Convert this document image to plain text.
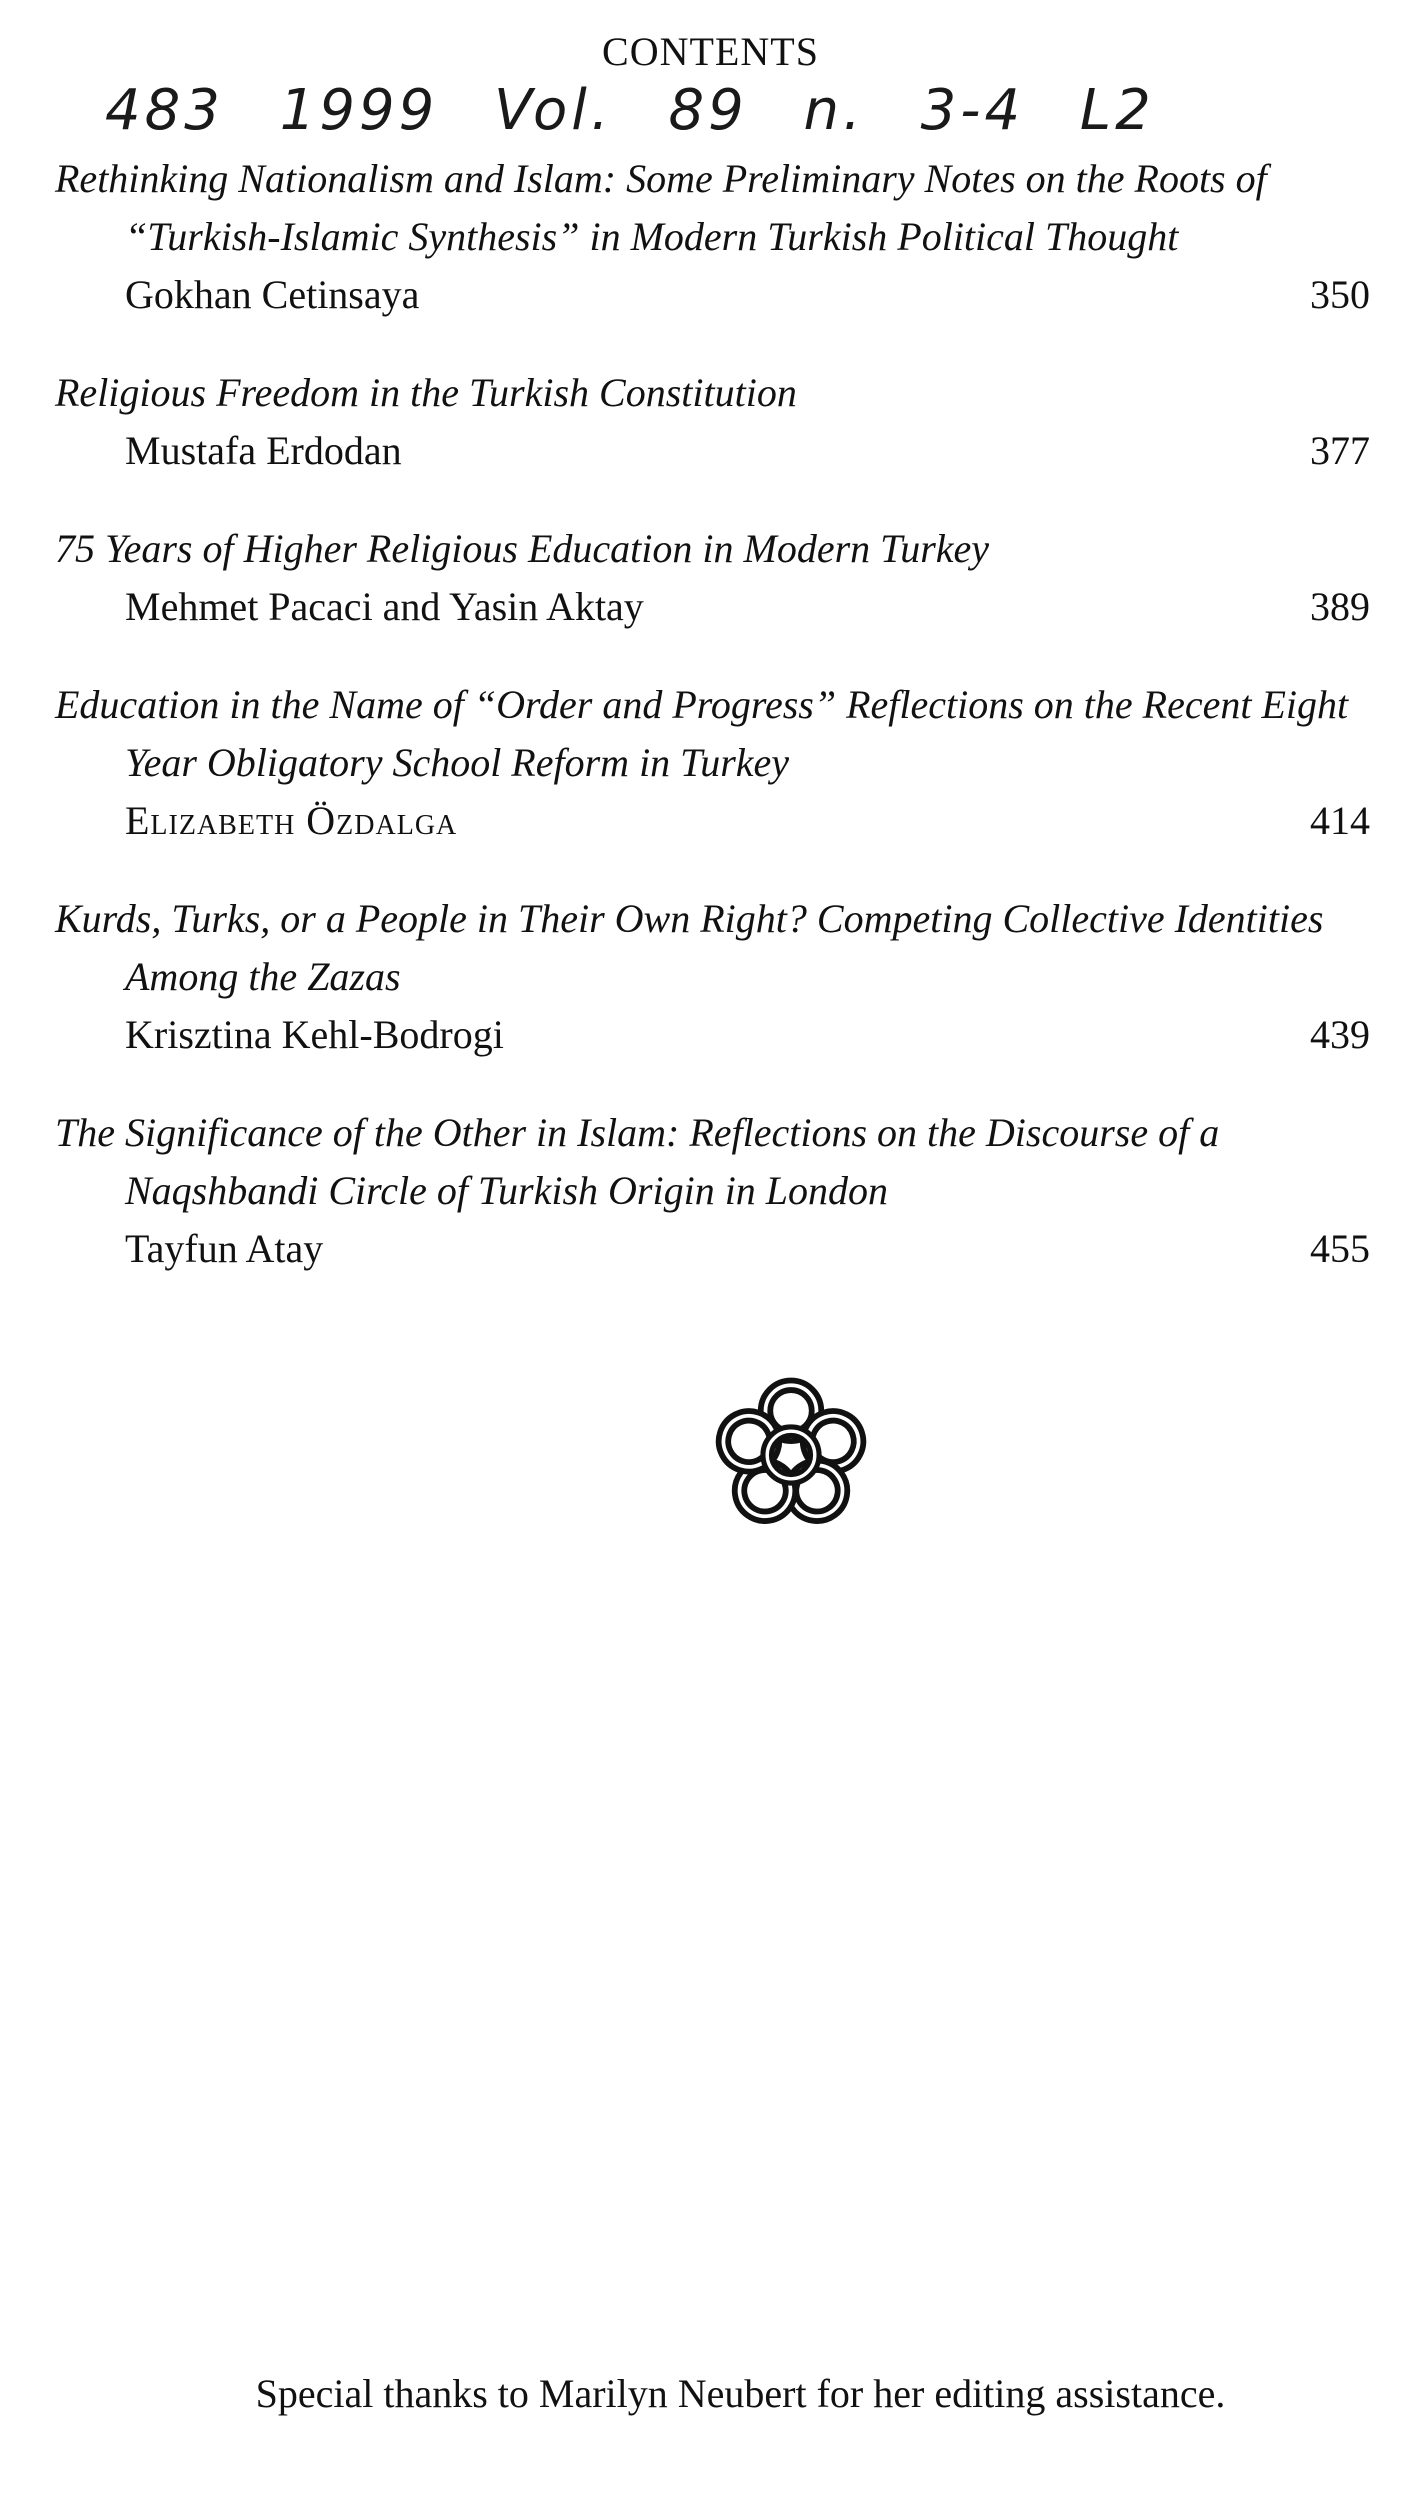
CONTENTS
483 1999 Vol. 89 n. 3-4 L2
Rethinking Nationalism and Islam: Some Preliminary Notes on the Roots of “Turkish-Islamic Synthesis” in Modern Turkish Political Thought
Gokhan Cetinsaya	350
Religious Freedom in the Turkish Constitution
Mustafa Erdodan	377
75 Years of Higher Religious Education in Modern Turkey
Mehmet Pacaci and Yasin Aktay	389
Education in the Name of “Order and Progress” Reflections on the Recent Eight Year Obligatory School Reform in Turkey
Elizabeth Özdalga	414
Kurds, Turks, or a People in Their Own Right? Competing Collective Identities Among the Zazas
Krisztina Kehl-Bodrogi	439
The Significance of the Other in Islam: Reflections on the Discourse of a Naqshbandi Circle of Turkish Origin in London
Tayfun Atay	455
Special thanks to Marilyn Neubert for her editing assistance.
